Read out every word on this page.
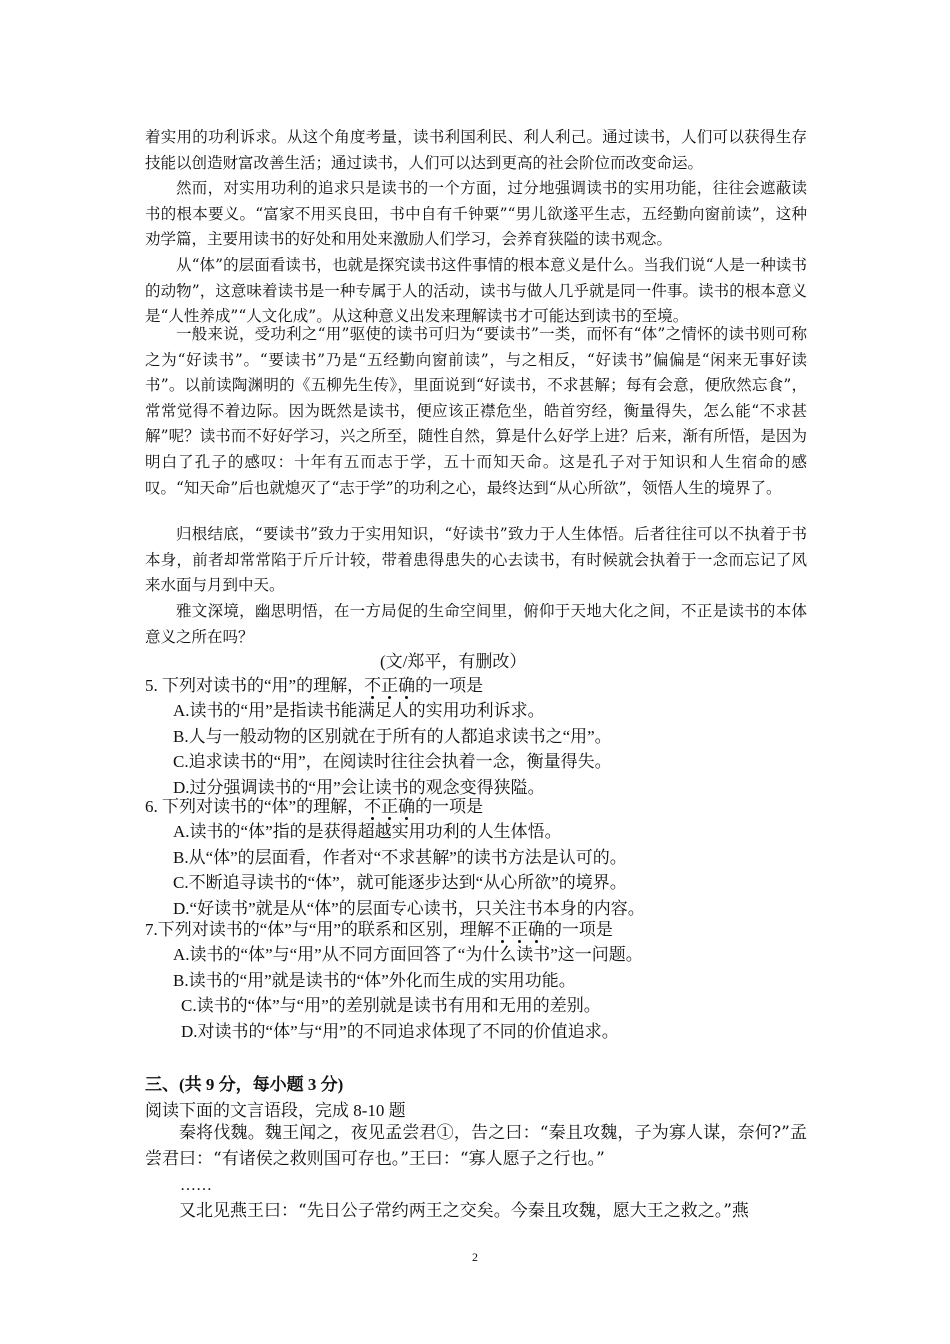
着实用的功利诉求。从这个角度考量，读书利国利民、利人利己。通过读书，人们可以获得生存技能以创造财富改善生活；通过读书，人们可以达到更高的社会阶位而改变命运。

然而，对实用功利的追求只是读书的一个方面，过分地强调读书的实用功能，往往会遮蔽读书的根本要义。“富家不用买良田，书中自有千钟粟”“男儿欲遂平生志，五经勤向窗前读”，这种劝学篇，主要用读书的好处和用处来激励人们学习，会养育狭隘的读书观念。

从“体”的层面看读书，也就是探究读书这件事情的根本意义是什么。当我们说“人是一种读书的动物”，这意味着读书是一种专属于人的活动，读书与做人几乎就是同一件事。读书的根本意义是“人性养成”“人文化成”。从这种意义出发来理解读书才可能达到读书的至境。

一般来说，受功利之“用”驱使的读书可归为“要读书”一类，而怀有“体”之情怀的读书则可称之为“好读书”。“要读书”乃是“五经勤向窗前读”，与之相反，“好读书”偏偏是“闲来无事好读书”。以前读陶渊明的《五柳先生传》，里面说到“好读书，不求甚解；每有会意，便欣然忘食”，常常觉得不着边际。因为既然是读书，便应该正襟危坐，皓首穷经，衡量得失，怎么能“不求甚解”呢？读书而不好好学习，兴之所至，随性自然，算是什么好学上进？后来，渐有所悟，是因为明白了孔子的感叹：十年有五而志于学，五十而知天命。这是孔子对于知识和人生宿命的感叹。“知天命”后也就熄灭了“志于学”的功利之心，最终达到“从心所欲”，领悟人生的境界了。

归根结底，“要读书”致力于实用知识，“好读书”致力于人生体悟。后者往往可以不执着于书本身，前者却常常陷于斤斤计较，带着患得患失的心去读书，有时候就会执着于一念而忘记了风来水面与月到中天。

雅文深境，幽思明悟，在一方局促的生命空间里，俯仰于天地大化之间，不正是读书的本体意义之所在吗？

(文/郑平，有删改）

5. 下列对读书的“用”的理解，不正确的一项是

A.读书的“用”是指读书能满足人的实用功利诉求。

B.人与一般动物的区别就在于所有的人都追求读书之“用”。

C.追求读书的“用”，在阅读时往往会执着一念，衡量得失。

D.过分强调读书的“用”会让读书的观念变得狭隘。

6. 下列对读书的“体”的理解，不正确的一项是

A.读书的“体”指的是获得超越实用功利的人生体悟。

B.从“体”的层面看，作者对“不求甚解”的读书方法是认可的。

C.不断追寻读书的“体”，就可能逐步达到“从心所欲”的境界。

D.“好读书”就是从“体”的层面专心读书，只关注书本身的内容。

7.下列对读书的“体”与“用”的联系和区别，理解不正确的一项是

A.读书的“体”与“用”从不同方面回答了“为什么读书”这一问题。

B.读书的“用”就是读书的“体”外化而生成的实用功能。

C.读书的“体”与“用”的差别就是读书有用和无用的差别。

D.对读书的“体”与“用”的不同追求体现了不同的价值追求。

三、(共 9 分，每小题 3 分)
阅读下面的文言语段，完成 8-10 题

秦将伐魏。魏王闻之，夜见孟尝君①，告之曰：“秦且攻魏，子为寡人谋，奈何?”孟尝君曰：“有诸侯之救则国可存也。”王曰：“寡人愿子之行也。”

……

又北见燕王曰：“先日公子常约两王之交矣。今秦且攻魏，愿大王之救之。”燕

2
